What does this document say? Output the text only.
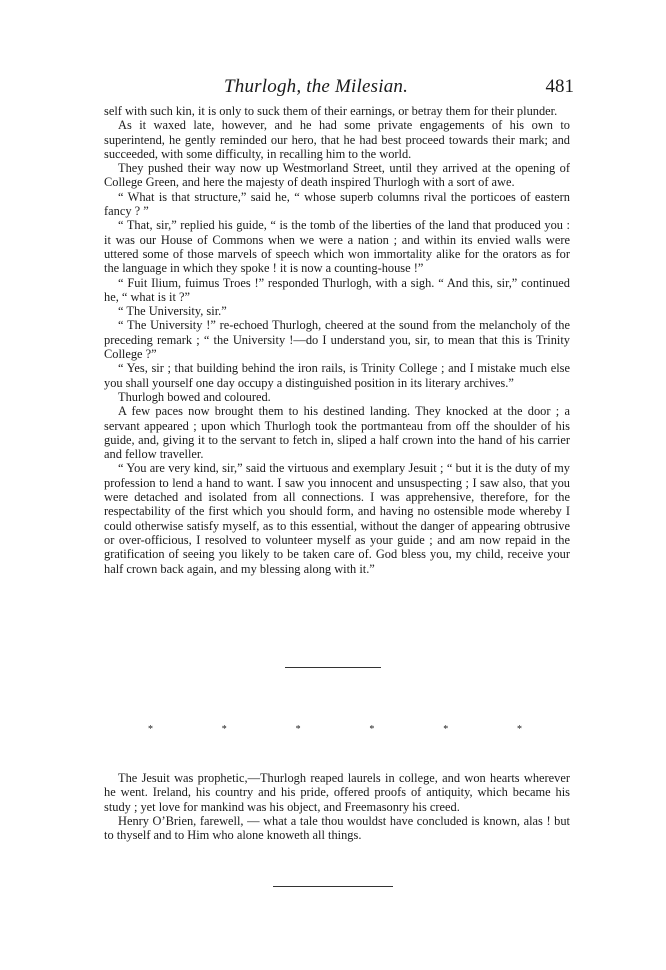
Thurlogh, the Milesian.	481

self with such kin, it is only to suck them of their earnings, or betray them for their plunder.

As it waxed late, however, and he had some private engagements of his own to superintend, he gently reminded our hero, that he had best proceed towards their mark; and succeeded, with some difficulty, in recalling him to the world.

They pushed their way now up Westmorland Street, until they arrived at the opening of College Green, and here the majesty of death inspired Thurlogh with a sort of awe.

“ What is that structure,” said he, “ whose superb columns rival the porticoes of eastern fancy ? ”

“ That, sir,” replied his guide, “ is the tomb of the liberties of the land that produced you : it was our House of Commons when we were a nation ; and within its envied walls were uttered some of those marvels of speech which won immortality alike for the orators as for the language in which they spoke ! it is now a counting-house !”

“ Fuit Ilium, fuimus Troes !” responded Thurlogh, with a sigh. “ And this, sir,” continued he, “ what is it ?”

“ The University, sir.”

“ The University !” re-echoed Thurlogh, cheered at the sound from the melancholy of the preceding remark ; “ the University !—do I understand you, sir, to mean that this is Trinity College ?”

“ Yes, sir ; that building behind the iron rails, is Trinity College ; and I mistake much else you shall yourself one day occupy a distinguished position in its literary archives.”

Thurlogh bowed and coloured.

A few paces now brought them to his destined landing. They knocked at the door ; a servant appeared ; upon which Thurlogh took the portmanteau from off the shoulder of his guide, and, giving it to the servant to fetch in, sliped a half crown into the hand of his carrier and fellow traveller.

“ You are very kind, sir,” said the virtuous and exemplary Jesuit ; “ but it is the duty of my profession to lend a hand to want. I saw you innocent and unsuspecting ; I saw also, that you were detached and isolated from all connections. I was apprehensive, therefore, for the respectability of the first which you should form, and having no ostensible mode whereby I could otherwise satisfy myself, as to this essential, without the danger of appearing obtrusive or over-officious, I resolved to volunteer myself as your guide ; and am now repaid in the gratification of seeing you likely to be taken care of. God bless you, my child, receive your half crown back again, and my blessing along with it.”

*	*	*	*	*	*

The Jesuit was prophetic,—Thurlogh reaped laurels in college, and won hearts wherever he went. Ireland, his country and his pride, offered proofs of antiquity, which became his study ; yet love for mankind was his object, and Freemasonry his creed.

Henry O’Brien, farewell, — what a tale thou wouldst have concluded is known, alas ! but to thyself and to Him who alone knoweth all things.
